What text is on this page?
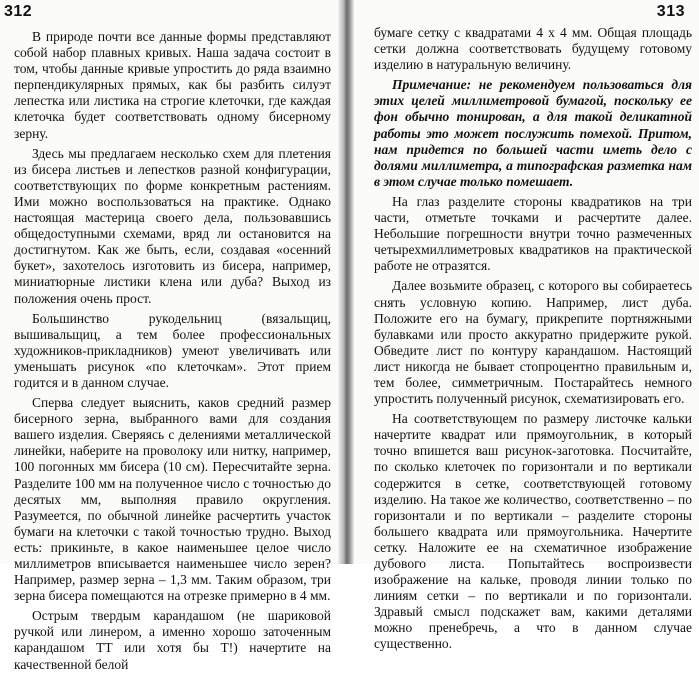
312

В природе почти все данные формы представляют собой набор плавных кривых. Наша задача состоит в том, чтобы данные кривые упростить до ряда взаимно перпендикулярных прямых, как бы разбить силуэт лепестка или листика на строгие клеточки, где каждая клеточка будет соответствовать одному бисерному зерну.

Здесь мы предлагаем несколько схем для плетения из бисера листьев и лепестков разной конфигурации, соответствующих по форме конкретным растениям. Ими можно воспользоваться на практике. Однако настоящая мастерица своего дела, пользовавшись общедоступными схемами, вряд ли остановится на достигнутом. Как же быть, если, создавая «осенний букет», захотелось изготовить из бисера, например, миниатюрные листики клена или дуба? Выход из положения очень прост.

Большинство рукодельниц (вязальщиц, вышивальщиц, а тем более профессиональных художников-прикладников) умеют увеличивать или уменьшать рисунок «по клеточкам». Этот прием годится и в данном случае.

Сперва следует выяснить, каков средний размер бисерного зерна, выбранного вами для создания вашего изделия. Сверяясь с делениями металлической линейки, наберите на проволоку или нитку, например, 100 погонных мм бисера (10 см). Пересчитайте зерна. Разделите 100 мм на полученное число с точностью до десятых мм, выполняя правило округления. Разумеется, по обычной линейке расчертить участок бумаги на клеточки с такой точностью трудно. Выход есть: прикиньте, в какое наименьшее целое число миллиметров вписывается наименьшее число зерен? Например, размер зерна – 1,3 мм. Таким образом, три зерна бисера помещаются на отрезке примерно в 4 мм.

Острым твердым карандашом (не шариковой ручкой или линером, а именно хорошо заточенным карандашом ТТ или хотя бы Т!) начертите на качественной белой

313

бумаге сетку с квадратами 4 х 4 мм. Общая площадь сетки должна соответствовать будущему готовому изделию в натуральную величину.

Примечание: не рекомендуем пользоваться для этих целей миллиметровой бумагой, поскольку ее фон обычно тонирован, а для такой деликатной работы это может послужить помехой. Притом, нам придется по большей части иметь дело с долями миллиметра, а типографская разметка нам в этом случае только помешает.

На глаз разделите стороны квадратиков на три части, отметьте точками и расчертите далее. Небольшие погрешности внутри точно размеченных четырехмиллиметровых квадратиков на практической работе не отразятся.

Далее возьмите образец, с которого вы собираетесь снять условную копию. Например, лист дуба. Положите его на бумагу, прикрепите портняжными булавками или просто аккуратно придержите рукой. Обведите лист по контуру карандашом. Настоящий лист никогда не бывает стопроцентно правильным и, тем более, симметричным. Постарайтесь немного упростить полученный рисунок, схематизировать его.

На соответствующем по размеру листочке кальки начертите квадрат или прямоугольник, в который точно впишется ваш рисунок-заготовка. Посчитайте, по сколько клеточек по горизонтали и по вертикали содержится в сетке, соответствующей готовому изделию. На такое же количество, соответственно – по горизонтали и по вертикали – разделите стороны большего квадрата или прямоугольника. Начертите сетку. Наложите ее на схематичное изображение дубового листа. Попытайтесь воспроизвести изображение на кальке, проводя линии только по линиям сетки – по вертикали и по горизонтали. Здравый смысл подскажет вам, какими деталями можно пренебречь, а что в данном случае существенно.
